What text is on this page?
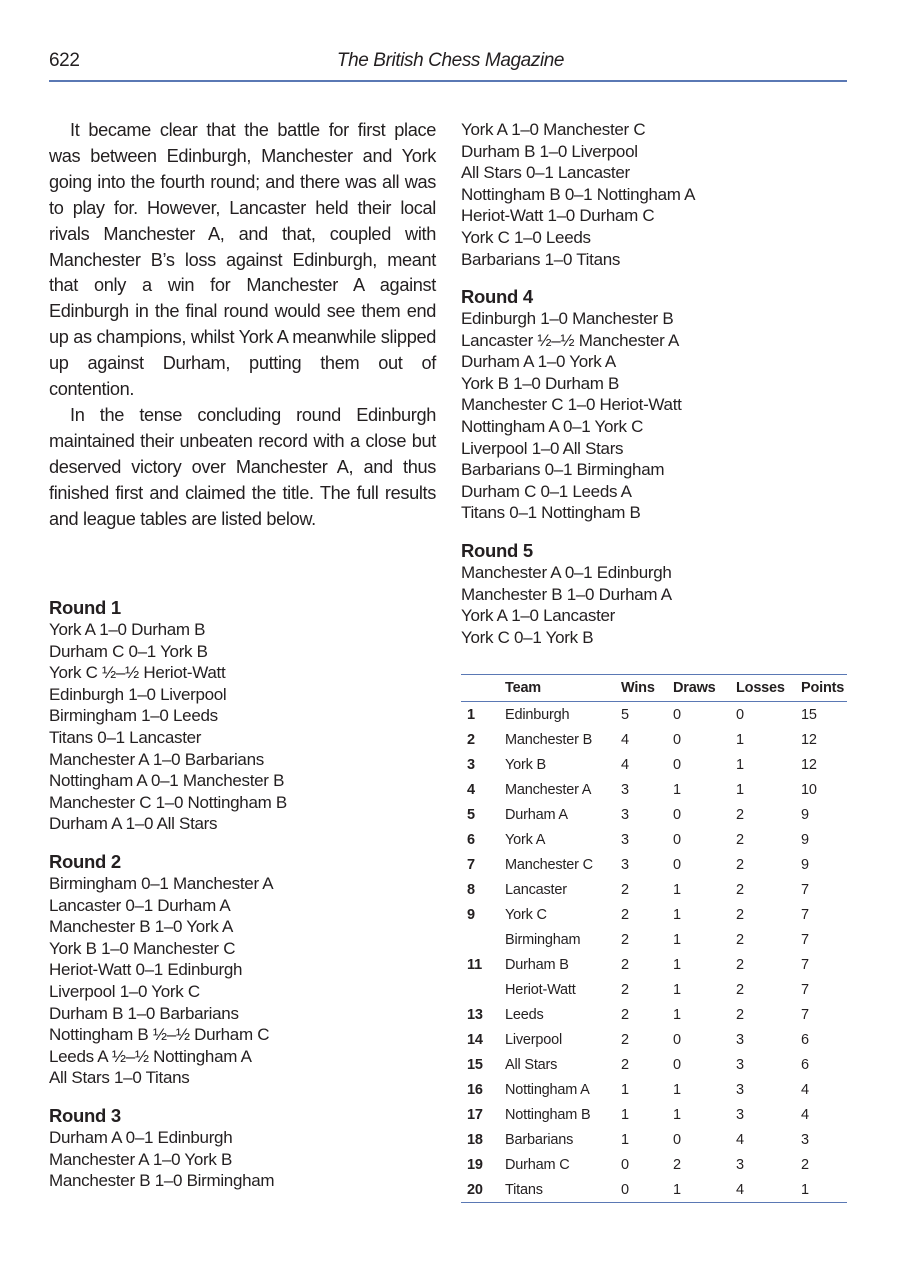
622	The British Chess Magazine

It became clear that the battle for first place was between Edinburgh, Manchester and York going into the fourth round; and there was all was to play for. However, Lancaster held their local rivals Manchester A, and that, coupled with Manchester B’s loss against Edinburgh, meant that only a win for Manchester A against Edinburgh in the final round would see them end up as champions, whilst York A meanwhile slipped up against Durham, putting them out of contention.

In the tense concluding round Edinburgh maintained their unbeaten record with a close but deserved victory over Manchester A, and thus finished first and claimed the title. The full results and league tables are listed below.

Round 1
York A 1–0 Durham B
Durham C 0–1 York B
York C ½–½ Heriot-Watt
Edinburgh 1–0 Liverpool
Birmingham 1–0 Leeds
Titans 0–1 Lancaster
Manchester A 1–0 Barbarians
Nottingham A 0–1 Manchester B
Manchester C 1–0 Nottingham B
Durham A 1–0 All Stars
Round 2
Birmingham 0–1 Manchester A
Lancaster 0–1 Durham A
Manchester B 1–0 York A
York B 1–0 Manchester C
Heriot-Watt 0–1 Edinburgh
Liverpool 1–0 York C
Durham B 1–0 Barbarians
Nottingham B ½–½ Durham C
Leeds A ½–½ Nottingham A
All Stars 1–0 Titans
Round 3
Durham A 0–1 Edinburgh
Manchester A 1–0 York B
Manchester B 1–0 Birmingham
York A 1–0 Manchester C
Durham B 1–0 Liverpool
All Stars 0–1 Lancaster
Nottingham B 0–1 Nottingham A
Heriot-Watt 1–0 Durham C
York C 1–0 Leeds
Barbarians 1–0 Titans
Round 4
Edinburgh 1–0 Manchester B
Lancaster ½–½ Manchester A
Durham A 1–0 York A
York B 1–0 Durham B
Manchester C 1–0 Heriot-Watt
Nottingham A 0–1 York C
Liverpool 1–0 All Stars
Barbarians 0–1 Birmingham
Durham C 0–1 Leeds A
Titans 0–1 Nottingham B
Round 5
Manchester A 0–1 Edinburgh
Manchester B 1–0 Durham A
York A 1–0 Lancaster
York C 0–1 York B
	Team	Wins	Draws	Losses	Points
1	Edinburgh	5	0	0	15
2	Manchester B	4	0	1	12
3	York B	4	0	1	12
4	Manchester A	3	1	1	10
5	Durham A	3	0	2	9
6	York A	3	0	2	9
7	Manchester C	3	0	2	9
8	Lancaster	2	1	2	7
9	York C	2	1	2	7
	Birmingham	2	1	2	7
11	Durham B	2	1	2	7
	Heriot-Watt	2	1	2	7
13	Leeds	2	1	2	7
14	Liverpool	2	0	3	6
15	All Stars	2	0	3	6
16	Nottingham A	1	1	3	4
17	Nottingham B	1	1	3	4
18	Barbarians	1	0	4	3
19	Durham C	0	2	3	2
20	Titans	0	1	4	1
